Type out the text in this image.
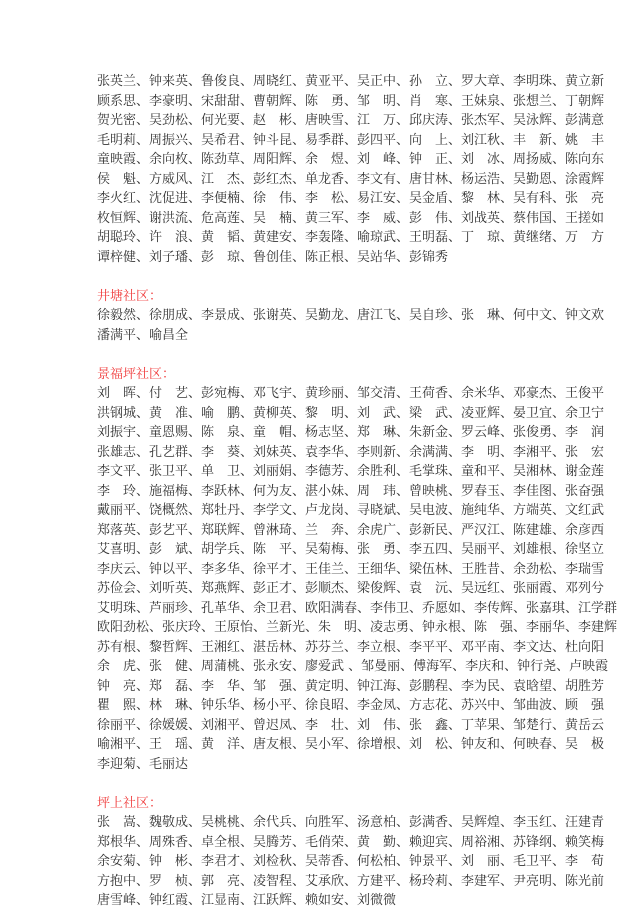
张英兰、钟来英、鲁俊良、周晓红、黄亚平、吴正中、孙　立、罗大章、李明珠、黄立新
顾系思、李豪明、宋甜甜、曹朝辉、陈　勇、邹　明、肖　寒、王妹泉、张想兰、丁朝辉
贺光密、吴劲松、何光要、赵　彬、唐映雪、江　万、邱庆涛、张杰军、吴泳辉、彭满意
毛明莉、周振兴、吴希君、钟斗昆、易季群、彭四平、向　上、刘江秋、丰　新、姚　丰
童映霞、余向枚、陈劲草、周阳辉、余　煜、刘　峰、钟　正、刘　冰、周扬威、陈向东
侯　魁、方威风、江　杰、彭红杰、单龙香、李文有、唐甘林、杨运浩、吴勤恩、涂霞辉
李火红、沈促进、李便楠、徐　伟、李　松、易江安、吴金盾、黎　林、吴有科、张　亮
枚恒辉、谢洪流、危高莲、吴　楠、黄三军、李　威、彭　伟、刘战英、蔡伟国、王搓如
胡聪玲、许　浪、黄　韬、黄建安、李轰隆、喻琼武、王明磊、丁　琼、黄继绪、万　方
谭梓健、刘子璠、彭　琼、鲁创佳、陈正根、吴站华、彭锦秀
井塘社区：
徐毅然、徐朋成、李景成、张谢英、吴勤龙、唐江飞、吴自珍、张　琳、何中文、钟文欢
潘满平、喻昌全
景福坪社区：
刘　晖、付　艺、彭宛梅、邓飞宇、黄珍丽、邹交清、王荷香、余米华、邓豪杰、王俊平
洪钢城、黄　准、喻　鹏、黄柳英、黎　明、刘　武、梁　武、凌亚辉、晏卫宜、余卫宁
刘振宇、童恩赐、陈　泉、童　帽、杨志坚、郑　琳、朱新金、罗云峰、张俊勇、李　润
张雄志、孔艺群、李　葵、刘妹英、袁李华、李则新、余满满、李　明、李湘平、张　宏
李文平、张卫平、单　卫、刘丽娟、李德芳、余胜利、毛掌珠、童和平、吴湘林、谢金莲
李　玲、施福梅、李跃林、何为友、湛小妹、周　玮、曾映桃、罗春玉、李佳图、张奋强
戴丽平、饶概然、郑牡丹、李学文、卢龙岗、寻晓斌、吴电波、施纯华、方端英、文红武
郑落英、彭艺平、郑联辉、曾淋琦、兰　奔、余虎广、彭新民、严汉江、陈建雄、余彦西
艾喜明、彭　斌、胡学兵、陈　平、吴菊梅、张　勇、李五四、吴丽平、刘雄根、徐坚立
李庆云、钟以平、李多华、徐平才、王佳兰、王细华、梁伍林、王胜昔、余劲松、李瑞雪
苏俭会、刘听英、郑燕辉、彭正才、彭顺杰、梁俊辉、袁　沅、吴远红、张丽霞、邓列兮
艾明珠、芦丽珍、孔革华、余卫君、欧阳满春、李伟卫、乔愿如、李传辉、张嘉琪、江学群
欧阳劲松、张庆玲、王原怡、兰新光、朱　明、凌志勇、钟永根、陈　强、李丽华、李建辉
苏有根、黎哲辉、王湘红、湛岳林、苏芬兰、李立根、李平平、邓平南、李文达、杜向阳
余　虎、张　健、周蒲桃、张永安、廖爱武 、邹曼丽、傅海军、李庆和、钟行尧、卢映霞
钟　亮、郑　磊、李　华、邹　强、黄定明、钟江海、彭鹏程、李为民、袁晗望、胡胜芳
瞿　熙、林　琳、钟乐华、杨小平、徐良昭、李金凤、方志花、苏兴中、邹曲波、顾　强
徐丽平、徐媛媛、刘湘平、曾迟凤、李　壮、刘　伟、张　鑫、丁苹果、邹楚行、黄岳云
喻湘平、王　瑶、黄　洋、唐友根、吴小军、徐增根、刘　松、钟友和、何映春、吴　极
李迎菊、毛丽达
坪上社区：
张　嵩、魏敬成、吴桃桃、余代兵、向胜军、汤意柏、彭满香、吴辉煌、李玉红、汪建青
郑根华、周殊香、卓全根、吴腾芳、毛俏荣、黄　勤、赖迎宾、周裕湘、苏锋纲、赖笑梅
余安菊、钟　彬、李君才、刘检秋、吴蒂香、何松柏、钟景平、刘　丽、毛卫平、李　荀
方抱中、罗　桢、郭　亮、凌智程、艾承欣、方建平、杨玲莉、李建军、尹亮明、陈光前
唐雪峰、钟红霞、江显南、江跃辉、赖如安、刘微微
